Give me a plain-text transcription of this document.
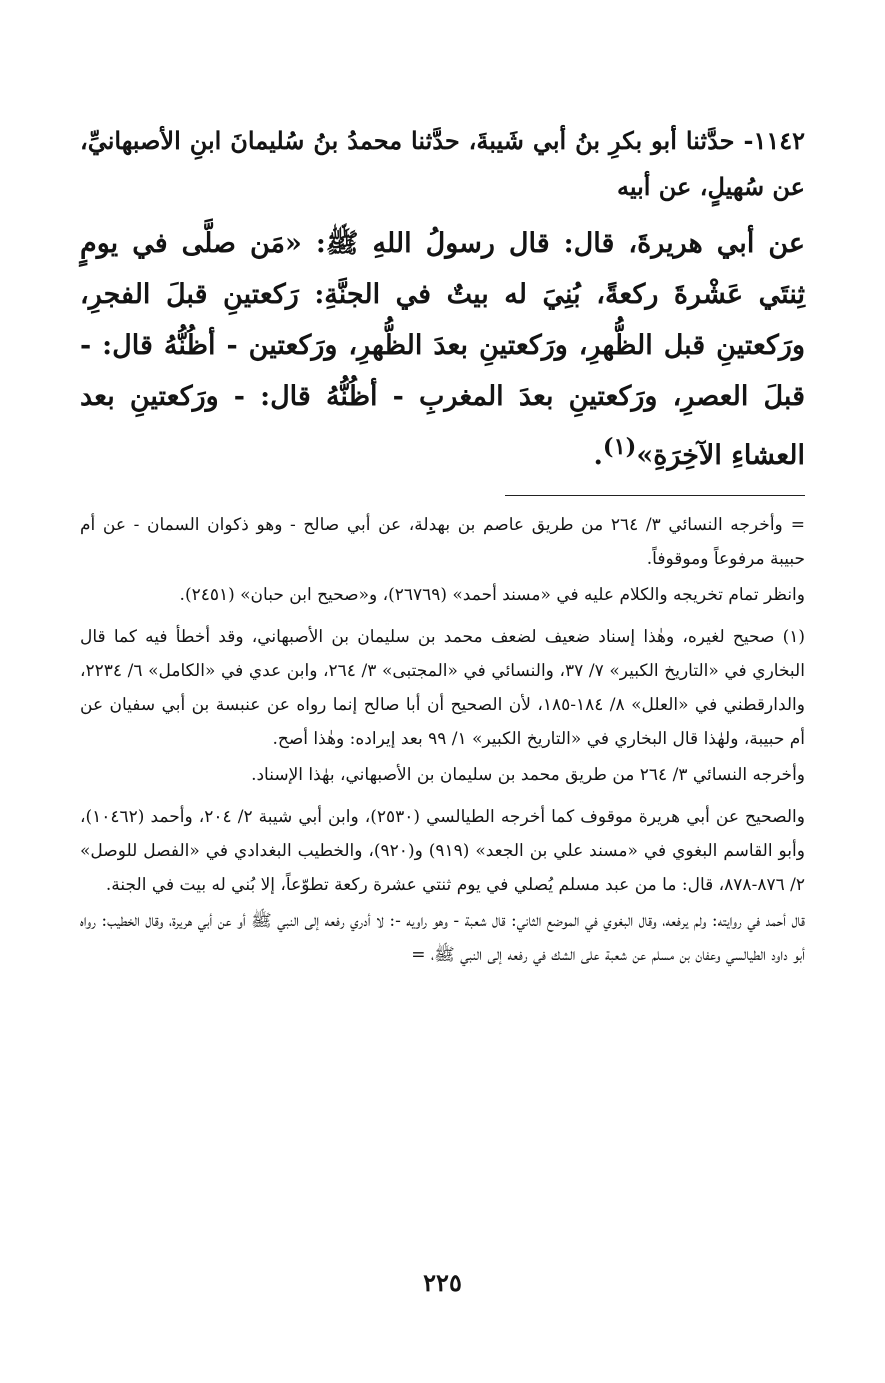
١١٤٢- حدَّثنا أبو بكرِ بنُ أبي شَيبةَ، حدَّثنا محمدُ بنُ سُليمانَ ابنِ الأصبهانيِّ، عن سُهيلٍ، عن أبيه

عن أبي هريرةَ، قال: قال رسولُ اللهِ ﷺ: «مَن صلَّى في يومٍ ثِنتَي عَشْرةَ ركعةً، بُنِيَ له بيتٌ في الجنَّةِ: رَكعتينِ قبلَ الفجرِ، ورَكعتينِ قبل الظُّهرِ، ورَكعتينِ بعدَ الظُّهرِ، ورَكعتين - أظُنُّهُ قال: - قبلَ العصرِ، ورَكعتينِ بعدَ المغربِ - أظُنُّهُ قال: - ورَكعتينِ بعد العشاءِ الآخِرَةِ»$^{(١)}$.

=وأخرجه النسائي ٣/ ٢٦٤ من طريق عاصم بن بهدلة، عن أبي صالح - وهو ذكوان السمان - عن أم حبيبة مرفوعاً وموقوفاً.

وانظر تمام تخريجه والكلام عليه في «مسند أحمد» (٢٦٧٦٩)، و«صحيح ابن حبان» (٢٤٥١).

(١) صحيح لغيره، وهٰذا إسناد ضعيف لضعف محمد بن سليمان بن الأصبهاني، وقد أخطأ فيه كما قال البخاري في «التاريخ الكبير» ٧/ ٣٧، والنسائي في «المجتبى» ٣/ ٢٦٤، وابن عدي في «الكامل» ٦/ ٢٢٣٤، والدارقطني في «العلل» ٨/ ١٨٤-١٨٥، لأن الصحيح أن أبا صالح إنما رواه عن عنبسة بن أبي سفيان عن أم حبيبة، ولهٰذا قال البخاري في «التاريخ الكبير» ١/ ٩٩ بعد إيراده: وهٰذا أصح.

وأخرجه النسائي ٣/ ٢٦٤ من طريق محمد بن سليمان بن الأصبهاني، بهٰذا الإسناد.

والصحيح عن أبي هريرة موقوف كما أخرجه الطيالسي (٢٥٣٠)، وابن أبي شيبة ٢/ ٢٠٤، وأحمد (١٠٤٦٢)، وأبو القاسم البغوي في «مسند علي بن الجعد» (٩١٩) و(٩٢٠)، والخطيب البغدادي في «الفصل للوصل» ٢/ ٨٧٦-٨٧٨، قال: ما من عبد مسلم يُصلي في يوم ثنتي عشرة ركعة تطوّعاً، إلا بُني له بيت في الجنة.

قال أحمد في روايته: ولم يرفعه، وقال البغوي في الموضع الثاني: قال شعبة - وهو راويه -: لا أدري رفعه إلى النبي ﷺ أو عن أبي هريرة، وقال الخطيب: رواه أبو داود الطيالسي وعفان بن مسلم عن شعبة على الشك في رفعه إلى النبي ﷺ، =

٢٢٥
